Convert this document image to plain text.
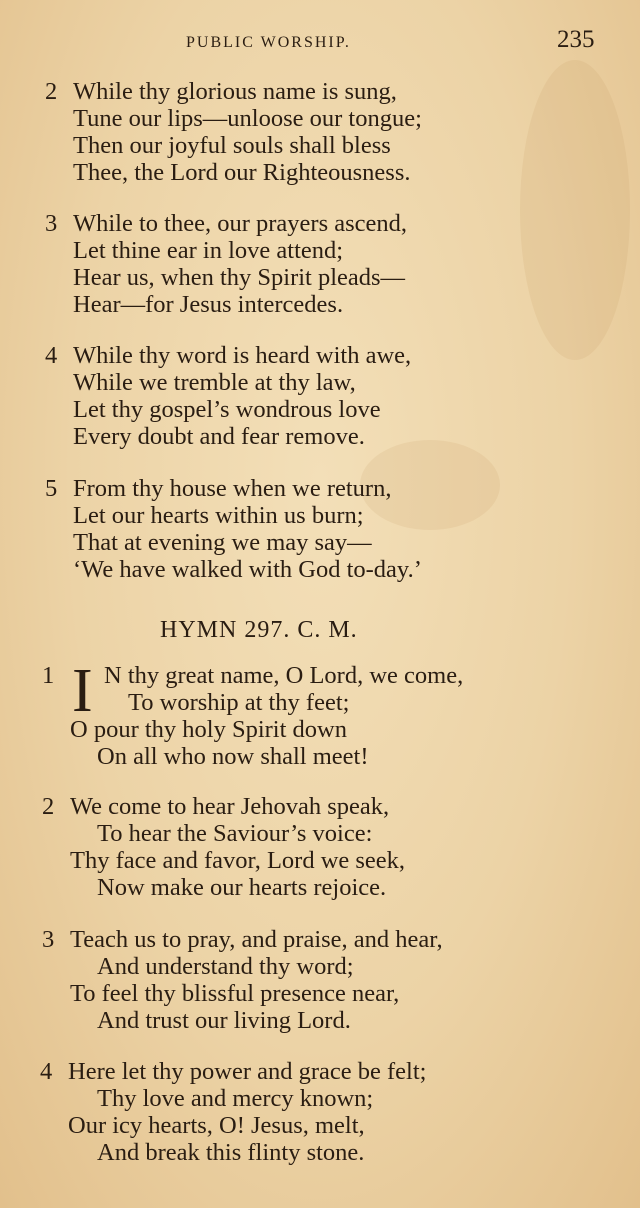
PUBLIC WORSHIP.	235
2 While thy glorious name is sung,
Tune our lips—unloose our tongue;
Then our joyful souls shall bless
Thee, the Lord our Righteousness.
3 While to thee, our prayers ascend,
Let thine ear in love attend;
Hear us, when thy Spirit pleads—
Hear—for Jesus intercedes.
4 While thy word is heard with awe,
While we tremble at thy law,
Let thy gospel’s wondrous love
Every doubt and fear remove.
5 From thy house when we return,
Let our hearts within us burn;
That at evening we may say—
‘We have walked with God to-day.’
HYMN 297. C. M.
1 I N thy great name, O Lord, we come,
To worship at thy feet;
O pour thy holy Spirit down
On all who now shall meet!
2 We come to hear Jehovah speak,
To hear the Saviour’s voice:
Thy face and favor, Lord we seek,
Now make our hearts rejoice.
3 Teach us to pray, and praise, and hear,
And understand thy word;
To feel thy blissful presence near,
And trust our living Lord.
4 Here let thy power and grace be felt;
Thy love and mercy known;
Our icy hearts, O! Jesus, melt,
And break this flinty stone.
